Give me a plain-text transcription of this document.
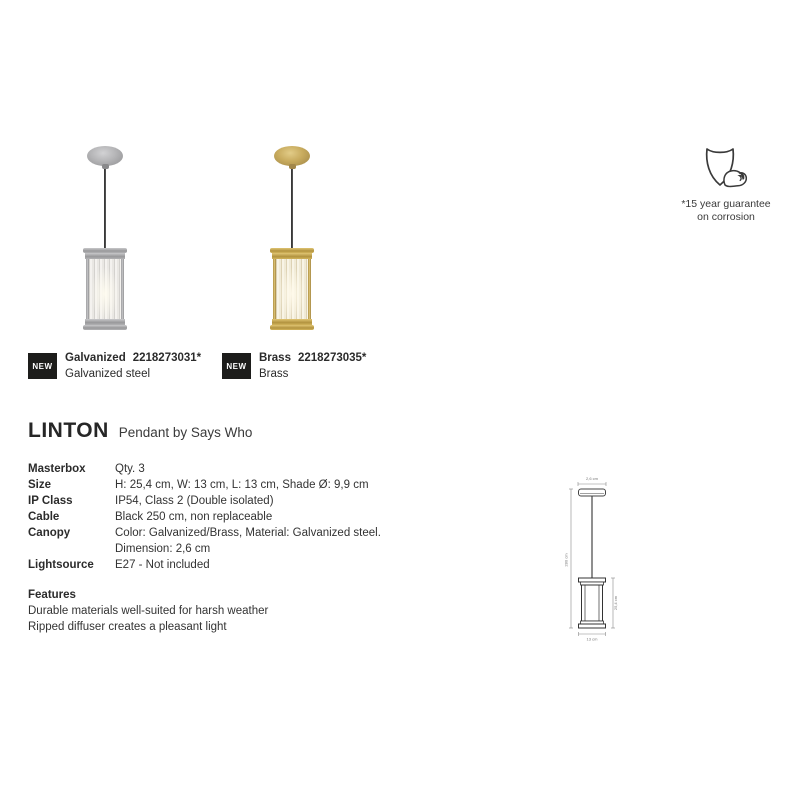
*15 year guarantee
on corrosion
NEW
Galvanized 2218273031*
Galvanized steel
NEW
Brass 2218273035*
Brass
LINTON Pendant by Says Who
Masterbox	Qty. 3
Size	H: 25,4 cm, W: 13 cm, L: 13 cm, Shade Ø: 9,9 cm
IP Class	IP54, Class 2 (Double isolated)
Cable	Black 250 cm, non replaceable
Canopy	Color: Galvanized/Brass, Material: Galvanized steel.
Dimension: 2,6 cm
Lightsource	E27 - Not included
Features
Durable materials well-suited for harsh weather
Ripped diffuser creates a pleasant light
2,6 cm
280 cm
25,4 cm
13 cm
